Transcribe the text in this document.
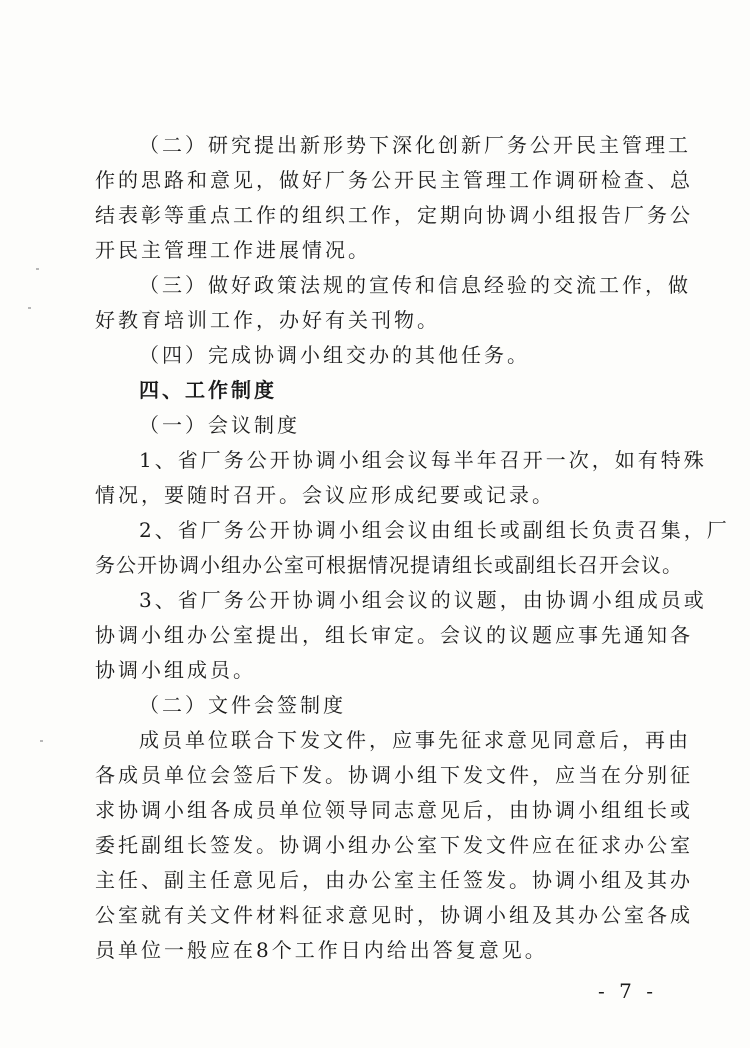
（二）研究提出新形势下深化创新厂务公开民主管理工
作的思路和意见，做好厂务公开民主管理工作调研检查、总
结表彰等重点工作的组织工作，定期向协调小组报告厂务公
开民主管理工作进展情况。
（三）做好政策法规的宣传和信息经验的交流工作，做
好教育培训工作，办好有关刊物。
（四）完成协调小组交办的其他任务。
四、工作制度
（一）会议制度
1、省厂务公开协调小组会议每半年召开一次，如有特殊
情况，要随时召开。会议应形成纪要或记录。
2、省厂务公开协调小组会议由组长或副组长负责召集，厂
务公开协调小组办公室可根据情况提请组长或副组长召开会议。
3、省厂务公开协调小组会议的议题，由协调小组成员或
协调小组办公室提出，组长审定。会议的议题应事先通知各
协调小组成员。
（二）文件会签制度
成员单位联合下发文件，应事先征求意见同意后，再由
各成员单位会签后下发。协调小组下发文件，应当在分别征
求协调小组各成员单位领导同志意见后，由协调小组组长或
委托副组长签发。协调小组办公室下发文件应在征求办公室
主任、副主任意见后，由办公室主任签发。协调小组及其办
公室就有关文件材料征求意见时，协调小组及其办公室各成
员单位一般应在8个工作日内给出答复意见。
- 7 -
